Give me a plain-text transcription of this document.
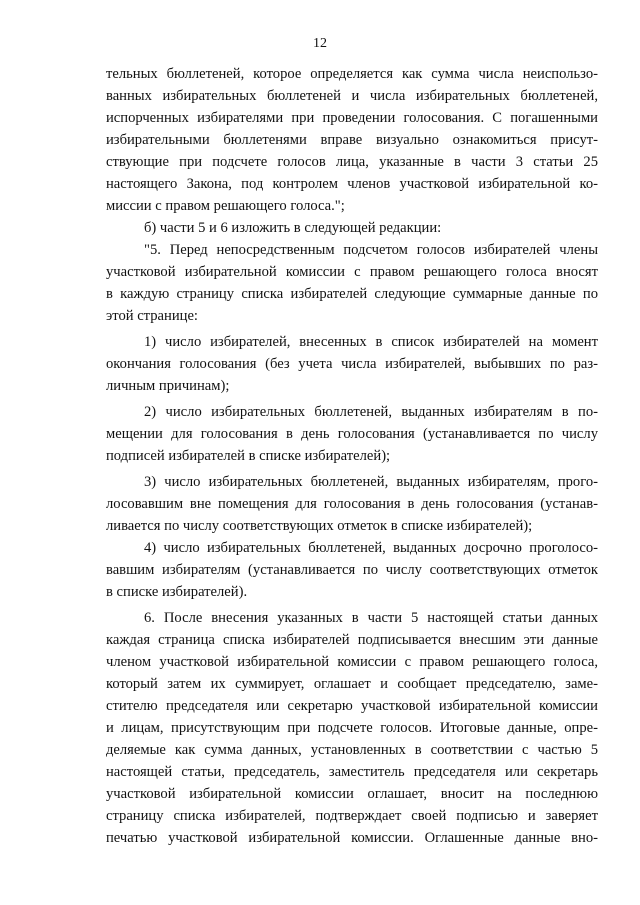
12
тельных бюллетеней, которое определяется как сумма числа неиспользо-
ванных избирательных бюллетеней и числа избирательных бюллетеней,
испорченных избирателями при проведении голосования. С погашенными
избирательными бюллетенями вправе визуально ознакомиться присут-
ствующие при подсчете голосов лица, указанные в части 3 статьи 25
настоящего Закона, под контролем членов участковой избирательной ко-
миссии с правом решающего голоса.";
б) части 5 и 6 изложить в следующей редакции:
"5. Перед непосредственным подсчетом голосов избирателей члены
участковой избирательной комиссии с правом решающего голоса вносят
в каждую страницу списка избирателей следующие суммарные данные по
этой странице:
1) число избирателей, внесенных в список избирателей на момент
окончания голосования (без учета числа избирателей, выбывших по раз-
личным причинам);
2) число избирательных бюллетеней, выданных избирателям в по-
мещении для голосования в день голосования (устанавливается по числу
подписей избирателей в списке избирателей);
3) число избирательных бюллетеней, выданных избирателям, прого-
лосовавшим вне помещения для голосования в день голосования (устанав-
ливается по числу соответствующих отметок в списке избирателей);
4) число избирательных бюллетеней, выданных досрочно проголосо-
вавшим избирателям (устанавливается по числу соответствующих отметок
в списке избирателей).
6. После внесения указанных в части 5 настоящей статьи данных
каждая страница списка избирателей подписывается внесшим эти данные
членом участковой избирательной комиссии с правом решающего голоса,
который затем их суммирует, оглашает и сообщает председателю, заме-
стителю председателя или секретарю участковой избирательной комиссии
и лицам, присутствующим при подсчете голосов. Итоговые данные, опре-
деляемые как сумма данных, установленных в соответствии с частью 5
настоящей статьи, председатель, заместитель председателя или секретарь
участковой избирательной комиссии оглашает, вносит на последнюю
страницу списка избирателей, подтверждает своей подписью и заверяет
печатью участковой избирательной комиссии. Оглашенные данные вно-
